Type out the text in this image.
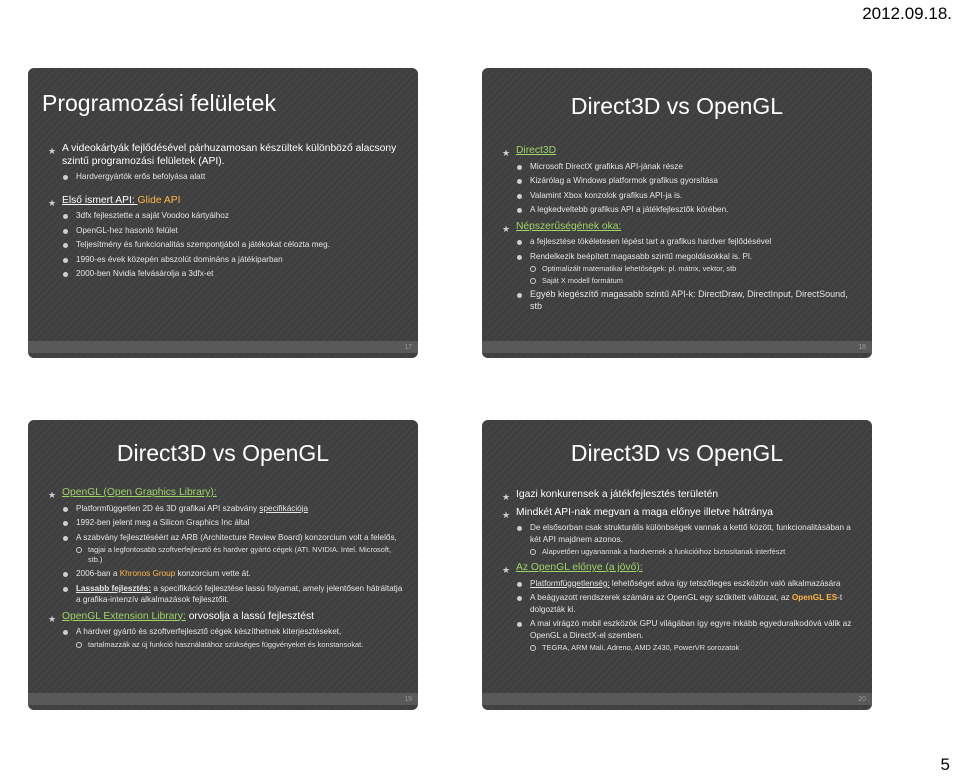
2012.09.18.
Programozási felületek
★ A videokártyák fejlődésével párhuzamosan készültek különböző alacsony szintű programozási felületek (API).
Hardvergyártók erős befolyása alatt
★ Első ismert API: Glide API
3dfx fejlesztette a saját Voodoo kártyáihoz
OpenGL-hez hasonló felület
Teljesítmény és funkcionalitás szempontjából a játékokat célozta meg.
1990-es évek közepén abszolút domináns a játékiparban
2000-ben Nvidia felvásárolja a 3dfx-et
17
Direct3D vs OpenGL
★ Direct3D
Microsoft DirectX grafikus API-jának része
Kizárólag a Windows platformok grafikus gyorsítása
Valamint Xbox konzolok grafikus API-ja is.
A legkedveltebb grafikus API a játékfejlesztők körében.
★ Népszerűségének oka:
a fejlesztése tökéletesen lépést tart a grafikus hardver fejlődésével
Rendelkezik beépített magasabb szintű megoldásokkal is. Pl.
Optimalizált matematikai lehetőségek: pl. mátrix, vektor, stb
Saját X modell formátum
Egyéb kiegészítő magasabb szintű API-k: DirectDraw, DirectInput, DirectSound, stb
18
Direct3D vs OpenGL
★ OpenGL (Open Graphics Library):
Platformfüggetlen 2D és 3D grafikai API szabvány specifikációja
1992-ben jelent meg a Silicon Graphics Inc által
A szabvány fejlesztéséért az ARB (Architecture Review Board) konzorcium volt a felelős,
tagjai a legfontosabb szoftverfejlesztő és hardver gyártó cégek (ATI. NVIDIA. Intel. Microsoft, stb.)
2006-ban a Khronos Group konzorcium vette át.
Lassabb fejlesztés: a specifikáció fejlesztése lassú folyamat, amely jelentősen hátráltatja a grafika-intenzív alkalmazások fejlesztőit.
★ OpenGL Extension Library: orvosolja a lassú fejlesztést
A hardver gyártó és szoftverfejlesztő cégek készíthetnek kiterjesztéseket,
tartalmazzák az új funkció használatához szükséges függvényeket és konstansokat.
19
Direct3D vs OpenGL
★ Igazi konkurensek a játékfejlesztés területén
★ Mindkét API-nak megvan a maga előnye illetve hátránya
De elsősorban csak strukturális különbségek vannak a kettő között, funkcionalitásában a két API majdnem azonos.
Alapvetően ugyanannak a hardvernek a funkcióihoz biztosítanak interfészt
★ Az OpenGL előnye (a jövő):
Platformfüggetlenség: lehetőséget adva így tetszőleges eszközön való alkalmazására
A beágyazott rendszerek számára az OpenGL egy szűkített változat, az OpenGL ES-t dolgozták ki.
A mai virágzó mobil eszközök GPU világában így egyre inkább egyeduralkodóvá válik az OpenGL a DirectX-el szemben.
TEGRA, ARM Mali, Adreno, AMD Z430, PowerVR sorozatok
20
5
